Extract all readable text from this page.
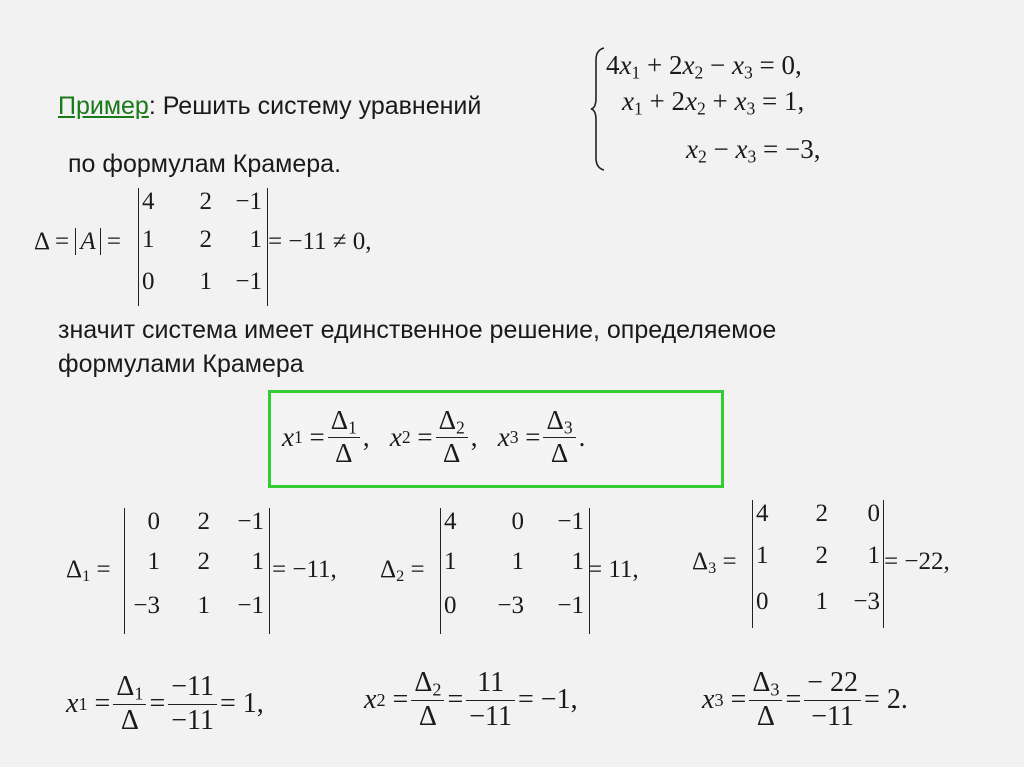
Пример: Решить систему уравнений
по формулам Крамера.
$4x_1 + 2x_2 - x_3 = 0$,
$x_1 + 2x_2 + x_3 = 1$,
$x_2 - x_3 = -3$,
Δ = A =
4	2 −1
1	2	1
0	1 −1
= −11 ≠ 0,
значит система имеет единственное решение, определяемое
формулами Крамера
x $1 = \frac{\Delta_1}{\Delta}$ ,
x $2 = \frac{\Delta_2}{\Delta}$ ,
x $3 = \frac{\Delta_3}{\Delta}$ .
$\Delta_1$ =
0	2	−1
1	2	1
−3	1	−1
= −11, $\Delta_2$ =
4	0	−1
1	1	1
0	−3	−1
= 11, $\Delta_3$ =
4	2	0
1	2	1
0	1	−3
= −22,
x $1 = \frac{\Delta_1}{\Delta} = \frac{-11}{-11} = 1$,	x $2 = \frac{\Delta_2}{\Delta} = \frac{11}{-11} = -1$,	x $3 = \frac{\Delta_3}{\Delta} = \frac{- 22}{-11} = 2$.
